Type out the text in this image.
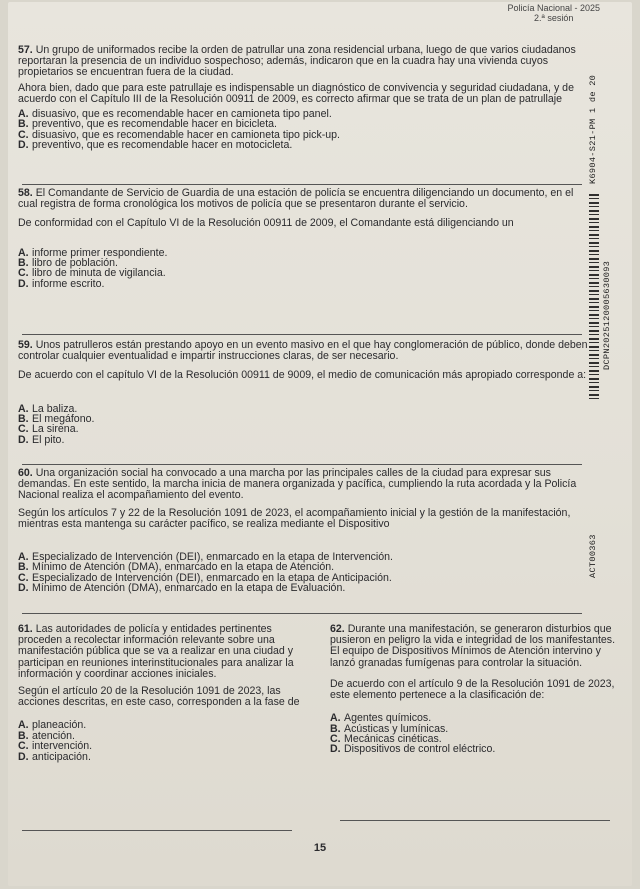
Policía Nacional - 2025
2.ª sesión

57. Un grupo de uniformados recibe la orden de patrullar una zona residencial urbana, luego de que varios ciudadanos reportaran la presencia de un individuo sospechoso; además, indicaron que en la cuadra hay una vivienda cuyos propietarios se encuentran fuera de la ciudad.

Ahora bien, dado que para este patrullaje es indispensable un diagnóstico de convivencia y seguridad ciudadana, y de acuerdo con el Capítulo III de la Resolución 00911 de 2009, es correcto afirmar que se trata de un plan de patrullaje

A. disuasivo, que es recomendable hacer en camioneta tipo panel.
B. preventivo, que es recomendable hacer en bicicleta.
C. disuasivo, que es recomendable hacer en camioneta tipo pick-up.
D. preventivo, que es recomendable hacer en motocicleta.

58. El Comandante de Servicio de Guardia de una estación de policía se encuentra diligenciando un documento, en el cual registra de forma cronológica los motivos de policía que se presentaron durante el servicio.

De conformidad con el Capítulo VI de la Resolución 00911 de 2009, el Comandante está diligenciando un

A. informe primer respondiente.
B. libro de población.
C. libro de minuta de vigilancia.
D. informe escrito.

59. Unos patrulleros están prestando apoyo en un evento masivo en el que hay conglomeración de público, donde deben controlar cualquier eventualidad e impartir instrucciones claras, de ser necesario.

De acuerdo con el capítulo VI de la Resolución 00911 de 9009, el medio de comunicación más apropiado corresponde a:

A. La baliza.
B. El megáfono.
C. La sirena.
D. El pito.

60. Una organización social ha convocado a una marcha por las principales calles de la ciudad para expresar sus demandas. En este sentido, la marcha inicia de manera organizada y pacífica, cumpliendo la ruta acordada y la Policía Nacional realiza el acompañamiento del evento.

Según los artículos 7 y 22 de la Resolución 1091 de 2023, el acompañamiento inicial y la gestión de la manifestación, mientras esta mantenga su carácter pacífico, se realiza mediante el Dispositivo

A. Especializado de Intervención (DEI), enmarcado en la etapa de Intervención.
B. Mínimo de Atención (DMA), enmarcado en la etapa de Atención.
C. Especializado de Intervención (DEI), enmarcado en la etapa de Anticipación.
D. Mínimo de Atención (DMA), enmarcado en la etapa de Evaluación.

61. Las autoridades de policía y entidades pertinentes proceden a recolectar información relevante sobre una manifestación pública que se va a realizar en una ciudad y participan en reuniones interinstitucionales para analizar la información y coordinar acciones iniciales.

Según el artículo 20 de la Resolución 1091 de 2023, las acciones descritas, en este caso, corresponden a la fase de

A. planeación.
B. atención.
C. intervención.
D. anticipación.

62. Durante una manifestación, se generaron disturbios que pusieron en peligro la vida e integridad de los manifestantes. El equipo de Dispositivos Mínimos de Atención intervino y lanzó granadas fumígenas para controlar la situación.

De acuerdo con el artículo 9 de la Resolución 1091 de 2023, este elemento pertenece a la clasificación de:

A. Agentes químicos.
B. Acústicas y lumínicas.
C. Mecánicas cinéticas.
D. Dispositivos de control eléctrico.
K6904-S21-PM 1 de 20
DCPN2025120005630093
ACT00363
15
